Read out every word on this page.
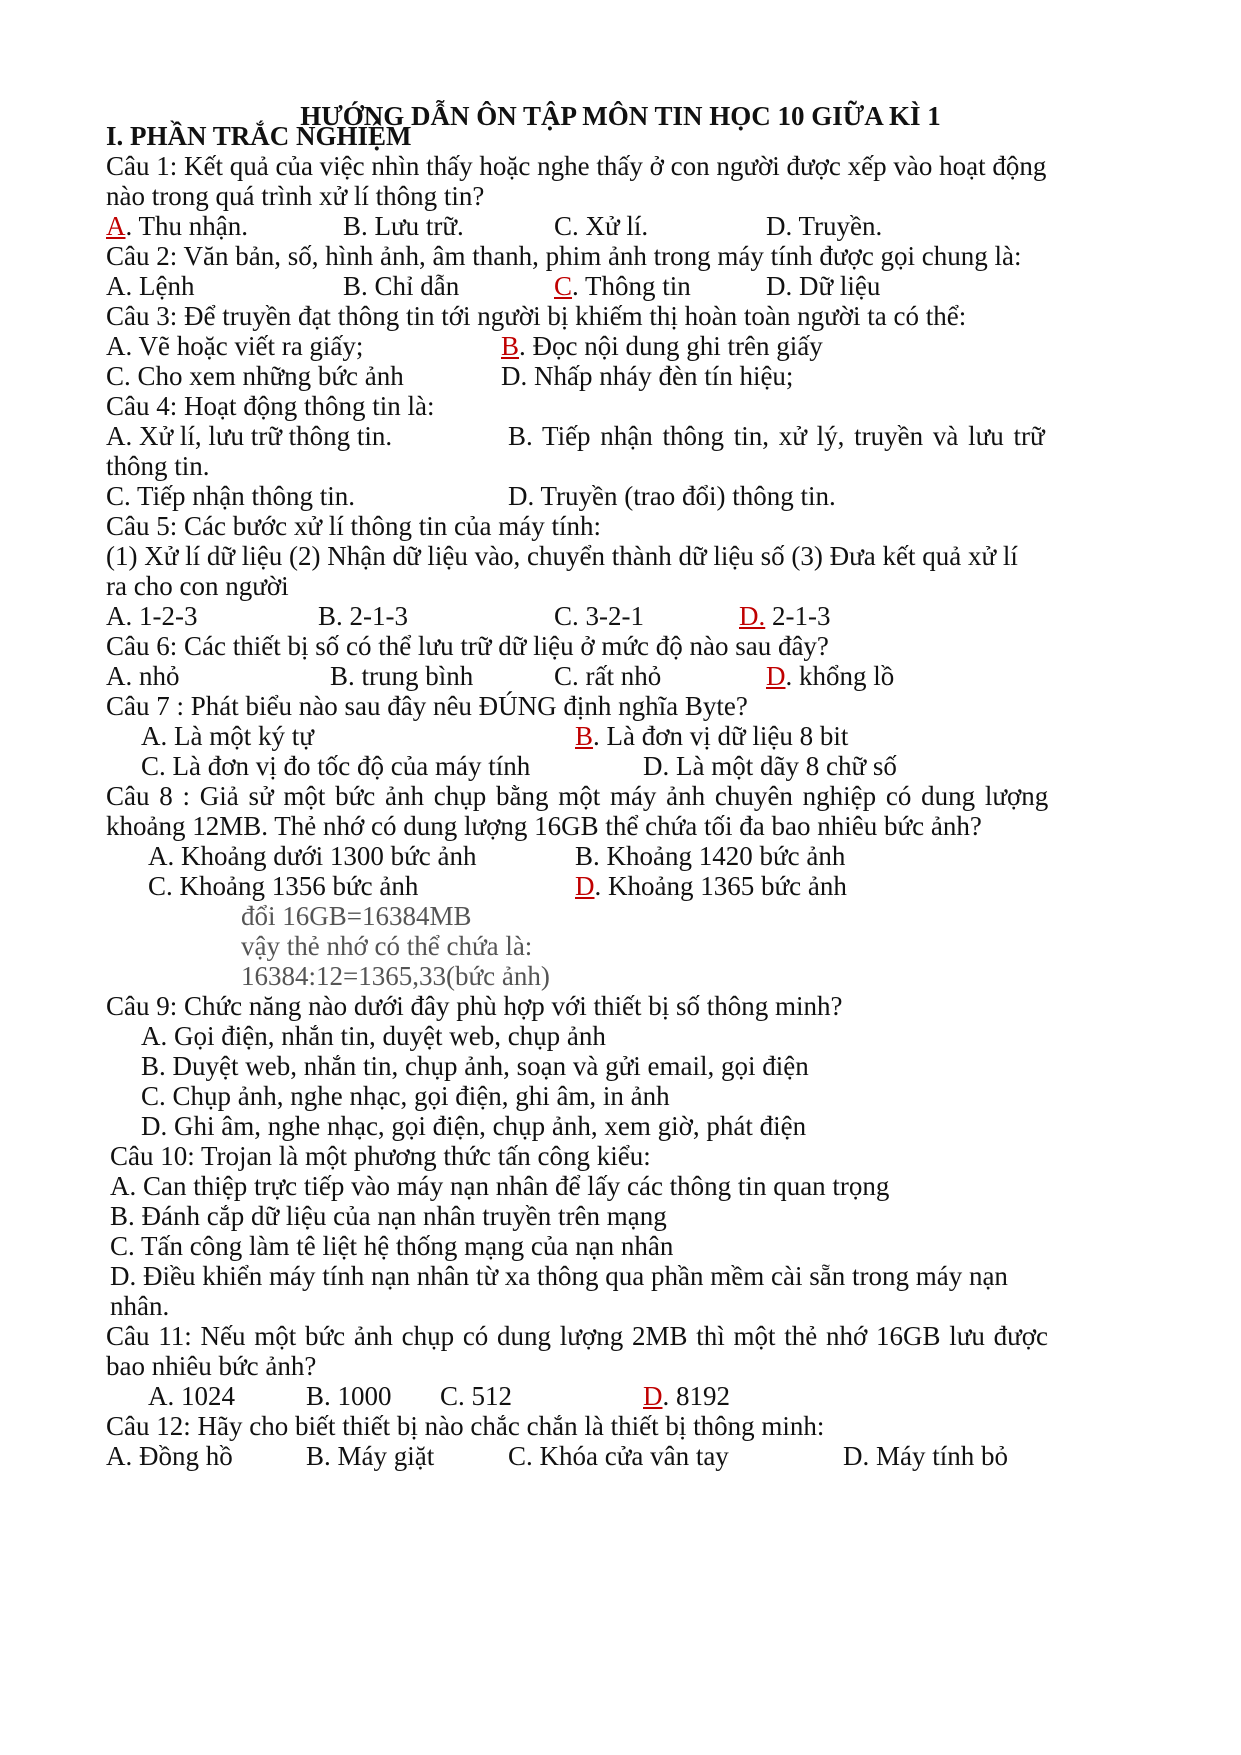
HƯỚNG DẪN ÔN TẬP MÔN TIN HỌC 10 GIỮA KÌ 1
I. PHẦN TRẮC NGHIỆM
Câu 1: Kết quả của việc nhìn thấy hoặc nghe thấy ở con người được xếp vào hoạt động
nào trong quá trình xử lí thông tin?
A. Thu nhận.	B. Lưu trữ.	C. Xử lí.	D. Truyền.
Câu 2: Văn bản, số, hình ảnh, âm thanh, phim ảnh trong máy tính được gọi chung là:
A. Lệnh	B. Chỉ dẫn	C. Thông tin	D. Dữ liệu
Câu 3: Để truyền đạt thông tin tới người bị khiếm thị hoàn toàn người ta có thể:
A. Vẽ hoặc viết ra giấy;	B. Đọc nội dung ghi trên giấy
C. Cho xem những bức ảnh	D. Nhấp nháy đèn tín hiệu;
Câu 4: Hoạt động thông tin là:
A. Xử lí, lưu trữ thông tin.	B. Tiếp nhận thông tin, xử lý, truyền và lưu trữ
thông tin.
C. Tiếp nhận thông tin.	D. Truyền (trao đổi) thông tin.
Câu 5: Các bước xử lí thông tin của máy tính:
(1) Xử lí dữ liệu (2) Nhận dữ liệu vào, chuyển thành dữ liệu số (3) Đưa kết quả xử lí
ra cho con người
A. 1-2-3	B. 2-1-3	C. 3-2-1	D. 2-1-3
Câu 6: Các thiết bị số có thể lưu trữ dữ liệu ở mức độ nào sau đây?
A. nhỏ	B. trung bình	C. rất nhỏ	D. khổng lồ
Câu 7 : Phát biểu nào sau đây nêu ĐÚNG định nghĩa Byte?
A. Là một ký tự	B. Là đơn vị dữ liệu 8 bit
C. Là đơn vị đo tốc độ của máy tính	D. Là một dãy 8 chữ số
Câu 8 : Giả sử một bức ảnh chụp bằng một máy ảnh chuyên nghiệp có dung lượng
khoảng 12MB. Thẻ nhớ có dung lượng 16GB thể chứa tối đa bao nhiêu bức ảnh?
A. Khoảng dưới 1300 bức ảnh	B. Khoảng 1420 bức ảnh
C. Khoảng 1356 bức ảnh	D. Khoảng 1365 bức ảnh
đổi 16GB=16384MB
vậy thẻ nhớ có thể chứa là:
16384:12=1365,33(bức ảnh)
Câu 9: Chức năng nào dưới đây phù hợp với thiết bị số thông minh?
A. Gọi điện, nhắn tin, duyệt web, chụp ảnh
B. Duyệt web, nhắn tin, chụp ảnh, soạn và gửi email, gọi điện
C. Chụp ảnh, nghe nhạc, gọi điện, ghi âm, in ảnh
D. Ghi âm, nghe nhạc, gọi điện, chụp ảnh, xem giờ, phát điện
Câu 10: Trojan là một phương thức tấn công kiểu:
A. Can thiệp trực tiếp vào máy nạn nhân để lấy các thông tin quan trọng
B. Đánh cắp dữ liệu của nạn nhân truyền trên mạng
C. Tấn công làm tê liệt hệ thống mạng của nạn nhân
D. Điều khiển máy tính nạn nhân từ xa thông qua phần mềm cài sẵn trong máy nạn
nhân.
Câu 11: Nếu một bức ảnh chụp có dung lượng 2MB thì một thẻ nhớ 16GB lưu được
bao nhiêu bức ảnh?
A. 1024	B. 1000 C. 512	D. 8192
Câu 12: Hãy cho biết thiết bị nào chắc chắn là thiết bị thông minh:
A. Đồng hồ	B. Máy giặt	C. Khóa cửa vân tay	D. Máy tính bỏ
